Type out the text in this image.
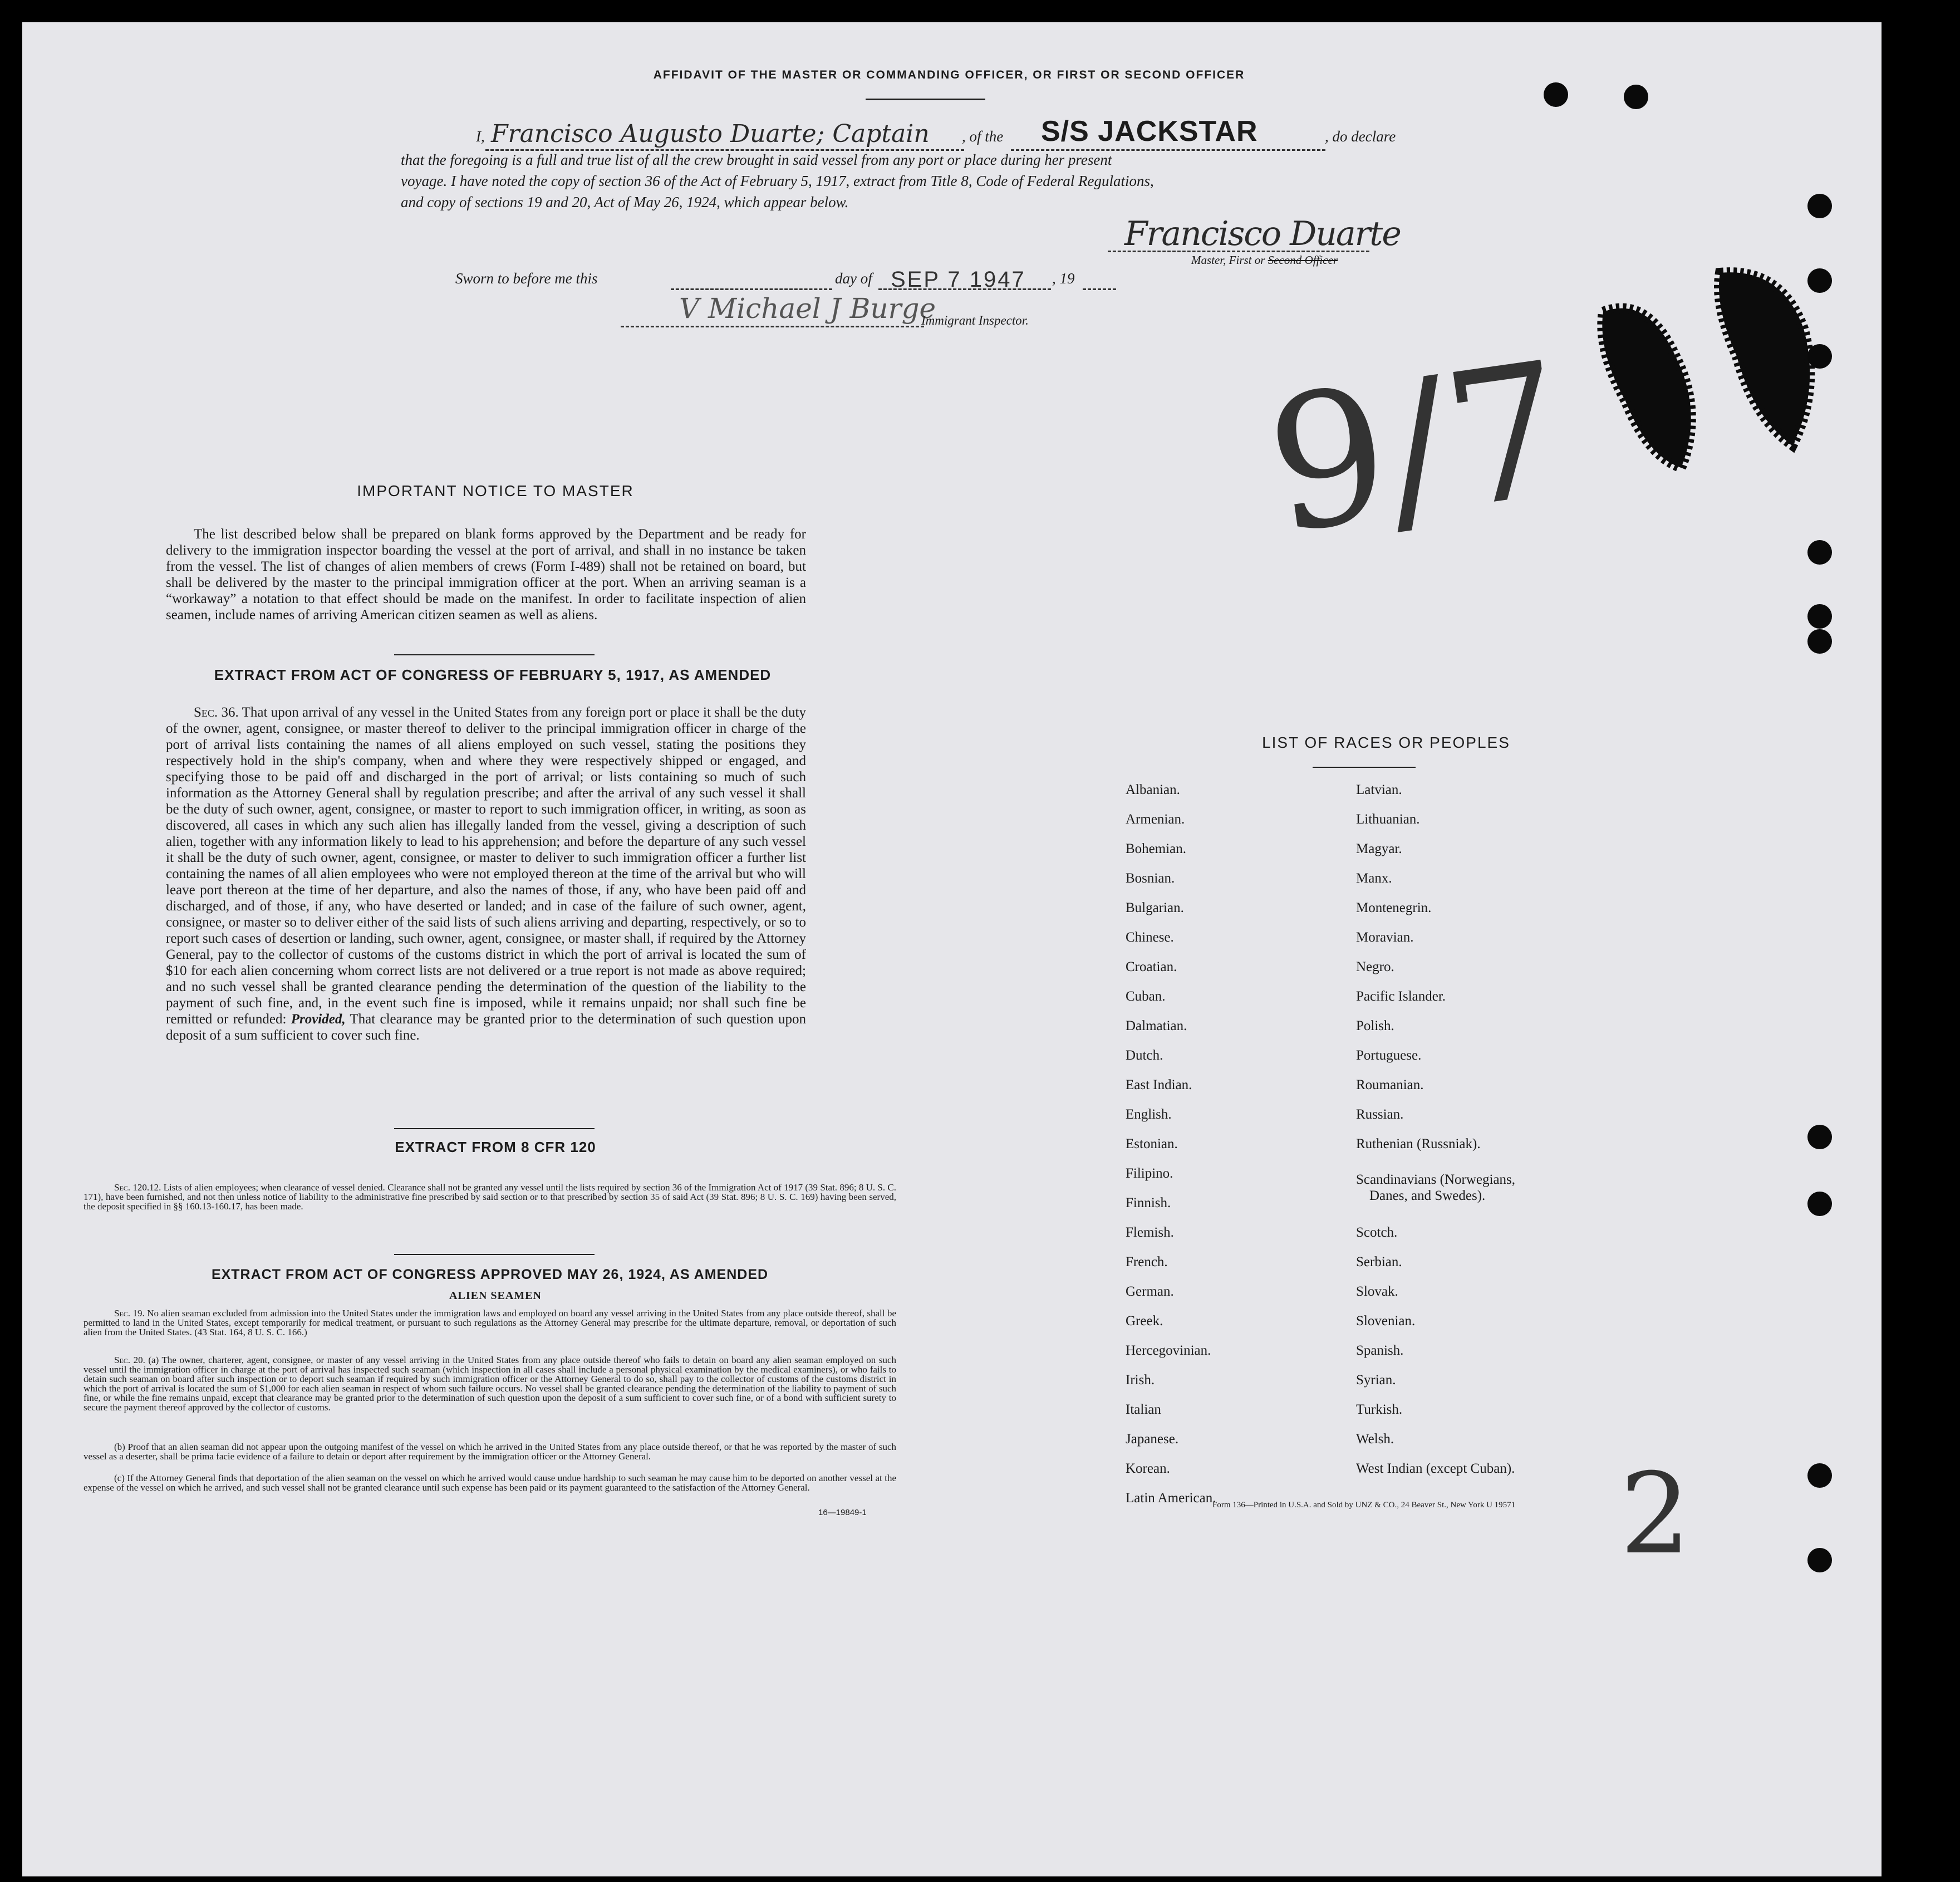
AFFIDAVIT OF THE MASTER OR COMMANDING OFFICER, OR FIRST OR SECOND OFFICER
I, Francisco Augusto Duarte; Captain , of the S/S JACKSTAR	, do declare
that the foregoing is a full and true list of all the crew brought in said vessel from any port or place during her present
voyage. I have noted the copy of section 36 of the Act of February 5, 1917, extract from Title 8, Code of Federal Regulations,
and copy of sections 19 and 20, Act of May 26, 1924, which appear below.
Francisco Duarte
Master, First or Second Officer
Sworn to before me this	day of SEP 7 1947 , 19
V Michael J Burge
Immigrant Inspector.
9/7
2
IMPORTANT NOTICE TO MASTER
The list described below shall be prepared on blank forms approved by the Department and be ready for delivery to the immigration inspector boarding the vessel at the port of arrival, and shall in no instance be taken from the vessel. The list of changes of alien members of crews (Form I-489) shall not be retained on board, but shall be delivered by the master to the principal immigration officer at the port. When an arriving seaman is a “workaway” a notation to that effect should be made on the manifest. In order to facilitate inspection of alien seamen, include names of arriving American citizen seamen as well as aliens.
EXTRACT FROM ACT OF CONGRESS OF FEBRUARY 5, 1917, AS AMENDED
Sec. 36. That upon arrival of any vessel in the United States from any foreign port or place it shall be the duty of the owner, agent, consignee, or master thereof to deliver to the principal immigration officer in charge of the port of arrival lists containing the names of all aliens employed on such vessel, stating the positions they respectively hold in the ship's company, when and where they were respectively shipped or engaged, and specifying those to be paid off and discharged in the port of arrival; or lists containing so much of such information as the Attorney General shall by regulation prescribe; and after the arrival of any such vessel it shall be the duty of such owner, agent, consignee, or master to report to such immigration officer, in writing, as soon as discovered, all cases in which any such alien has illegally landed from the vessel, giving a description of such alien, together with any information likely to lead to his apprehension; and before the departure of any such vessel it shall be the duty of such owner, agent, consignee, or master to deliver to such immigration officer a further list containing the names of all alien employees who were not employed thereon at the time of the arrival but who will leave port thereon at the time of her departure, and also the names of those, if any, who have been paid off and discharged, and of those, if any, who have deserted or landed; and in case of the failure of such owner, agent, consignee, or master so to deliver either of the said lists of such aliens arriving and departing, respectively, or so to report such cases of desertion or landing, such owner, agent, consignee, or master shall, if required by the Attorney General, pay to the collector of customs of the customs district in which the port of arrival is located the sum of $10 for each alien concerning whom correct lists are not delivered or a true report is not made as above required; and no such vessel shall be granted clearance pending the determination of the question of the liability to the payment of such fine, and, in the event such fine is imposed, while it remains unpaid; nor shall such fine be remitted or refunded: Provided, That clearance may be granted prior to the determination of such question upon deposit of a sum sufficient to cover such fine.
EXTRACT FROM 8 CFR 120
Sec. 120.12. Lists of alien employees; when clearance of vessel denied. Clearance shall not be granted any vessel until the lists required by section 36 of the Immigration Act of 1917 (39 Stat. 896; 8 U. S. C. 171), have been furnished, and not then unless notice of liability to the administrative fine prescribed by said section or to that prescribed by section 35 of said Act (39 Stat. 896; 8 U. S. C. 169) having been served, the deposit specified in §§ 160.13-160.17, has been made.
EXTRACT FROM ACT OF CONGRESS APPROVED MAY 26, 1924, AS AMENDED
ALIEN SEAMEN
Sec. 19. No alien seaman excluded from admission into the United States under the immigration laws and employed on board any vessel arriving in the United States from any place outside thereof, shall be permitted to land in the United States, except temporarily for medical treatment, or pursuant to such regulations as the Attorney General may prescribe for the ultimate departure, removal, or deportation of such alien from the United States. (43 Stat. 164, 8 U. S. C. 166.)
Sec. 20. (a) The owner, charterer, agent, consignee, or master of any vessel arriving in the United States from any place outside thereof who fails to detain on board any alien seaman employed on such vessel until the immigration officer in charge at the port of arrival has inspected such seaman (which inspection in all cases shall include a personal physical examination by the medical examiners), or who fails to detain such seaman on board after such inspection or to deport such seaman if required by such immigration officer or the Attorney General to do so, shall pay to the collector of customs of the customs district in which the port of arrival is located the sum of $1,000 for each alien seaman in respect of whom such failure occurs. No vessel shall be granted clearance pending the determination of the liability to payment of such fine, or while the fine remains unpaid, except that clearance may be granted prior to the determination of such question upon the deposit of a sum sufficient to cover such fine, or of a bond with sufficient surety to secure the payment thereof approved by the collector of customs.
(b) Proof that an alien seaman did not appear upon the outgoing manifest of the vessel on which he arrived in the United States from any place outside thereof, or that he was reported by the master of such vessel as a deserter, shall be prima facie evidence of a failure to detain or deport after requirement by the immigration officer or the Attorney General.
(c) If the Attorney General finds that deportation of the alien seaman on the vessel on which he arrived would cause undue hardship to such seaman he may cause him to be deported on another vessel at the expense of the vessel on which he arrived, and such vessel shall not be granted clearance until such expense has been paid or its payment guaranteed to the satisfaction of the Attorney General.
16—19849-1
LIST OF RACES OR PEOPLES
Albanian.
Armenian.
Bohemian.
Bosnian.
Bulgarian.
Chinese.
Croatian.
Cuban.
Dalmatian.
Dutch.
East Indian.
English.
Estonian.
Filipino.
Finnish.
Flemish.
French.
German.
Greek.
Hercegovinian.
Irish.
Italian
Japanese.
Korean.
Latin American.
Latvian.
Lithuanian.
Magyar.
Manx.
Montenegrin.
Moravian.
Negro.
Pacific Islander.
Polish.
Portuguese.
Roumanian.
Russian.
Ruthenian (Russniak).
Scandinavians (Norwegians,
Danes, and Swedes).
Scotch.
Serbian.
Slovak.
Slovenian.
Spanish.
Syrian.
Turkish.
Welsh.
West Indian (except Cuban).
Form 136—Printed in U.S.A. and Sold by UNZ & CO., 24 Beaver St., New York U 19571
